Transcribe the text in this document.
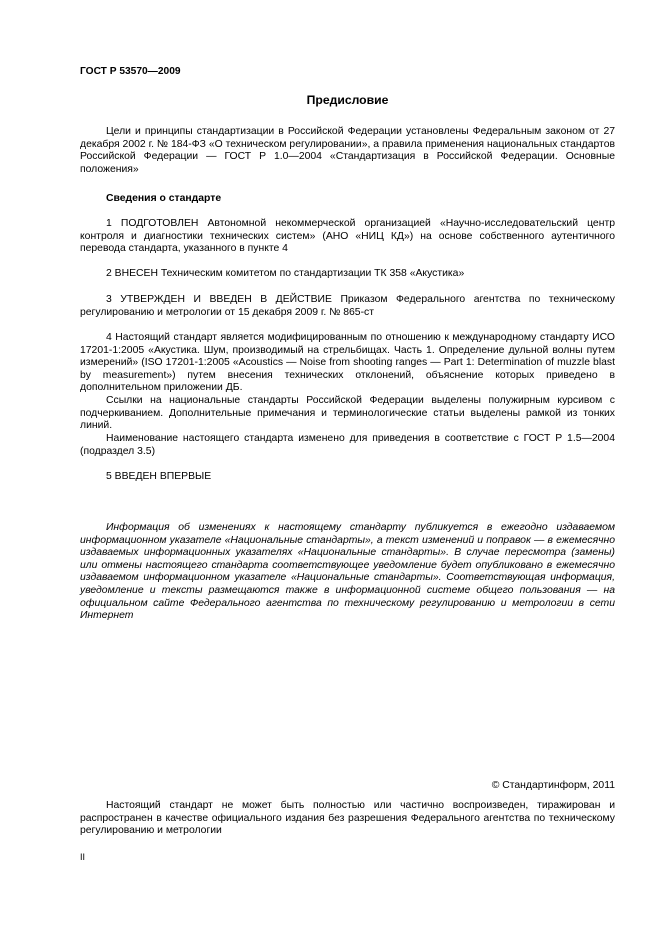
ГОСТ Р 53570—2009
Предисловие

Цели и принципы стандартизации в Российской Федерации установлены Федеральным законом от 27 декабря 2002 г. № 184-ФЗ «О техническом регулировании», а правила применения национальных стандартов Российской Федерации — ГОСТ Р 1.0—2004 «Стандартизация в Российской Федерации. Основные положения»

Сведения о стандарте

1 ПОДГОТОВЛЕН Автономной некоммерческой организацией «Научно-исследовательский центр контроля и диагностики технических систем» (АНО «НИЦ КД») на основе собственного аутентичного перевода стандарта, указанного в пункте 4

2 ВНЕСЕН Техническим комитетом по стандартизации ТК 358 «Акустика»

3 УТВЕРЖДЕН И ВВЕДЕН В ДЕЙСТВИЕ Приказом Федерального агентства по техническому регулированию и метрологии от 15 декабря 2009 г. № 865-ст

4 Настоящий стандарт является модифицированным по отношению к международному стандарту ИСО 17201-1:2005 «Акустика. Шум, производимый на стрельбищах. Часть 1. Определение дульной волны путем измерений» (ISO 17201-1:2005 «Acoustics — Noise from shooting ranges — Part 1: Determination of muzzle blast by measurement») путем внесения технических отклонений, объяснение которых приведено в дополнительном приложении ДБ.

Ссылки на национальные стандарты Российской Федерации выделены полужирным курсивом с подчеркиванием. Дополнительные примечания и терминологические статьи выделены рамкой из тонких линий.

Наименование настоящего стандарта изменено для приведения в соответствие с ГОСТ Р 1.5—2004 (подраздел 3.5)

5 ВВЕДЕН ВПЕРВЫЕ

Информация об изменениях к настоящему стандарту публикуется в ежегодно издаваемом информационном указателе «Национальные стандарты», а текст изменений и поправок — в ежемесячно издаваемых информационных указателях «Национальные стандарты». В случае пересмотра (замены) или отмены настоящего стандарта соответствующее уведомление будет опубликовано в ежемесячно издаваемом информационном указателе «Национальные стандарты». Соответствующая информация, уведомление и тексты размещаются также в информационной системе общего пользования — на официальном сайте Федерального агентства по техническому регулированию и метрологии в сети Интернет

© Стандартинформ, 2011

Настоящий стандарт не может быть полностью или частично воспроизведен, тиражирован и распространен в качестве официального издания без разрешения Федерального агентства по техническому регулированию и метрологии

II
